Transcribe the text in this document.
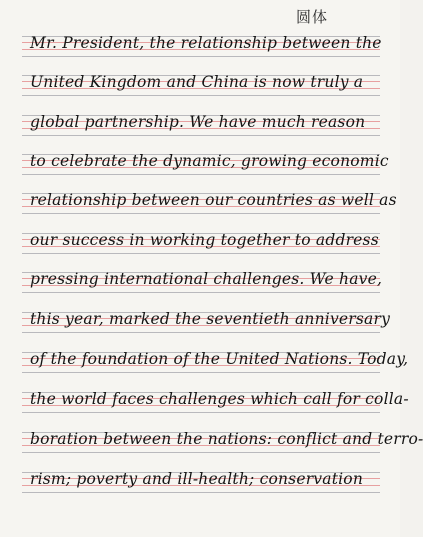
圆体
Mr. President, the relationship between the
United Kingdom and China is now truly a
global partnership. We have much reason
to celebrate the dynamic, growing economic
relationship between our countries as well as
our success in working together to address
pressing international challenges. We have,
this year, marked the seventieth anniversary
of the foundation of the United Nations. Today,
the world faces challenges which call for colla-
boration between the nations: conflict and terro-
rism; poverty and ill-health; conservation
